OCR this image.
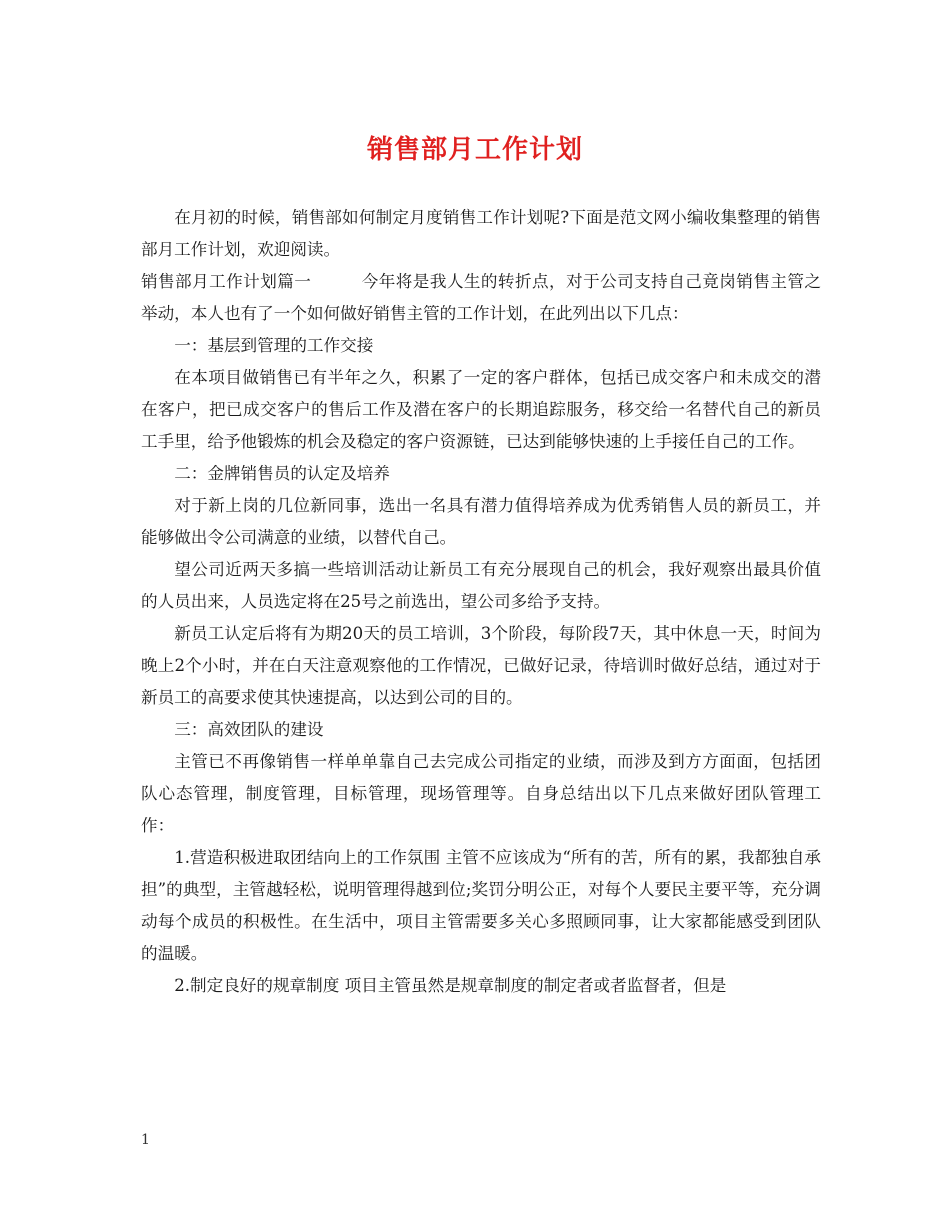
销售部月工作计划

在月初的时候，销售部如何制定月度销售工作计划呢?下面是范文网小编收集整理的销售部月工作计划，欢迎阅读。

销售部月工作计划篇一	今年将是我人生的转折点，对于公司支持自己竟岗销售主管之举动，本人也有了一个如何做好销售主管的工作计划，在此列出以下几点：

一：基层到管理的工作交接

在本项目做销售已有半年之久，积累了一定的客户群体，包括已成交客户和未成交的潜在客户，把已成交客户的售后工作及潜在客户的长期追踪服务，移交给一名替代自己的新员工手里，给予他锻炼的机会及稳定的客户资源链，已达到能够快速的上手接任自己的工作。

二：金牌销售员的认定及培养

对于新上岗的几位新同事，选出一名具有潜力值得培养成为优秀销售人员的新员工，并能够做出令公司满意的业绩，以替代自己。

望公司近两天多搞一些培训活动让新员工有充分展现自己的机会，我好观察出最具价值的人员出来，人员选定将在25号之前选出，望公司多给予支持。

新员工认定后将有为期20天的员工培训，3个阶段，每阶段7天，其中休息一天，时间为晚上2个小时，并在白天注意观察他的工作情况，已做好记录，待培训时做好总结，通过对于新员工的高要求使其快速提高，以达到公司的目的。

三：高效团队的建设

主管已不再像销售一样单单靠自己去完成公司指定的业绩，而涉及到方方面面，包括团队心态管理，制度管理，目标管理，现场管理等。自身总结出以下几点来做好团队管理工作：

1.营造积极进取团结向上的工作氛围 主管不应该成为“所有的苦，所有的累，我都独自承担”的典型，主管越轻松，说明管理得越到位;奖罚分明公正，对每个人要民主要平等，充分调动每个成员的积极性。在生活中，项目主管需要多关心多照顾同事，让大家都能感受到团队的温暖。

2.制定良好的规章制度 项目主管虽然是规章制度的制定者或者监督者，但是

1
